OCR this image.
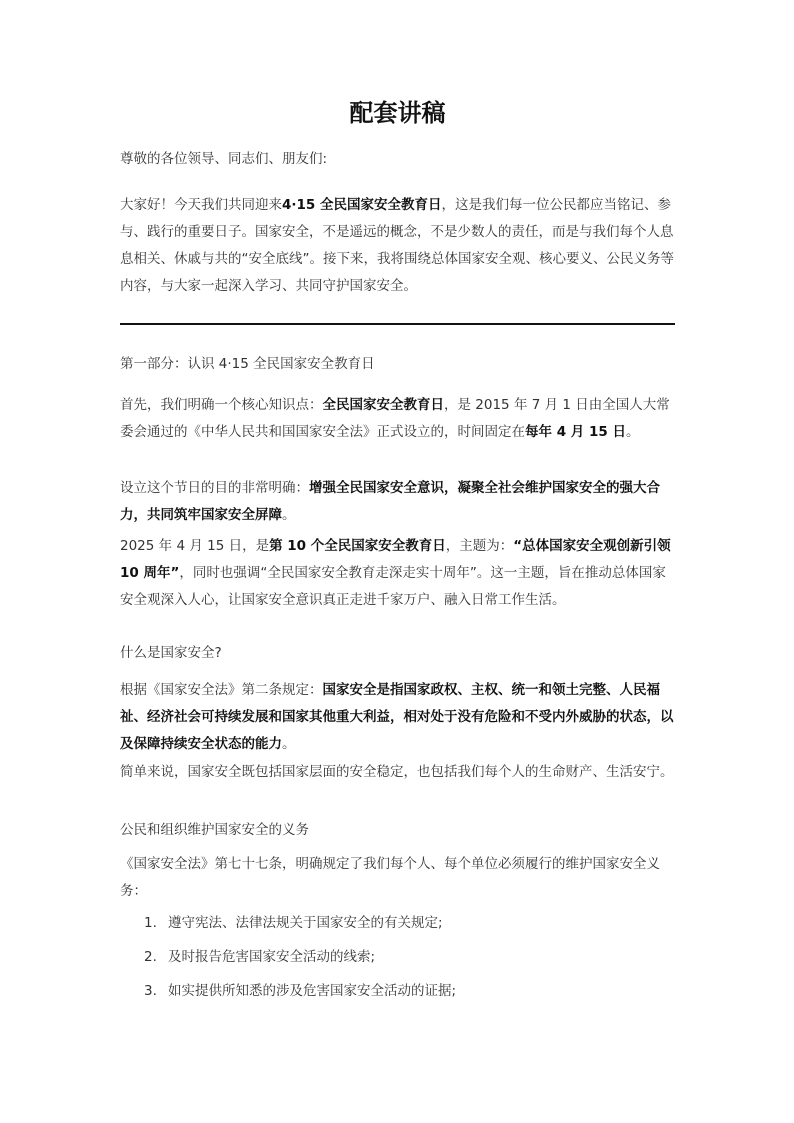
配套讲稿

尊敬的各位领导、同志们、朋友们:

大家好！今天我们共同迎来4·15 全民国家安全教育日，这是我们每一位公民都应当铭记、参与、践行的重要日子。国家安全，不是遥远的概念，不是少数人的责任，而是与我们每个人息息相关、休戚与共的“安全底线”。接下来，我将围绕总体国家安全观、核心要义、公民义务等内容，与大家一起深入学习、共同守护国家安全。

第一部分：认识 4·15 全民国家安全教育日

首先，我们明确一个核心知识点：全民国家安全教育日，是 2015 年 7 月 1 日由全国人大常委会通过的《中华人民共和国国家安全法》正式设立的，时间固定在每年 4 月 15 日。

设立这个节日的目的非常明确：增强全民国家安全意识，凝聚全社会维护国家安全的强大合力，共同筑牢国家安全屏障。

2025 年 4 月 15 日，是第 10 个全民国家安全教育日，主题为：“总体国家安全观创新引领 10 周年”，同时也强调“全民国家安全教育走深走实十周年”。这一主题，旨在推动总体国家安全观深入人心，让国家安全意识真正走进千家万户、融入日常工作生活。

什么是国家安全?

根据《国家安全法》第二条规定：国家安全是指国家政权、主权、统一和领土完整、人民福祉、经济社会可持续发展和国家其他重大利益，相对处于没有危险和不受内外威胁的状态，以及保障持续安全状态的能力。

简单来说，国家安全既包括国家层面的安全稳定，也包括我们每个人的生命财产、生活安宁。

公民和组织维护国家安全的义务

《国家安全法》第七十七条，明确规定了我们每个人、每个单位必须履行的维护国家安全义务：

1. 遵守宪法、法律法规关于国家安全的有关规定;
2. 及时报告危害国家安全活动的线索;
3. 如实提供所知悉的涉及危害国家安全活动的证据;
